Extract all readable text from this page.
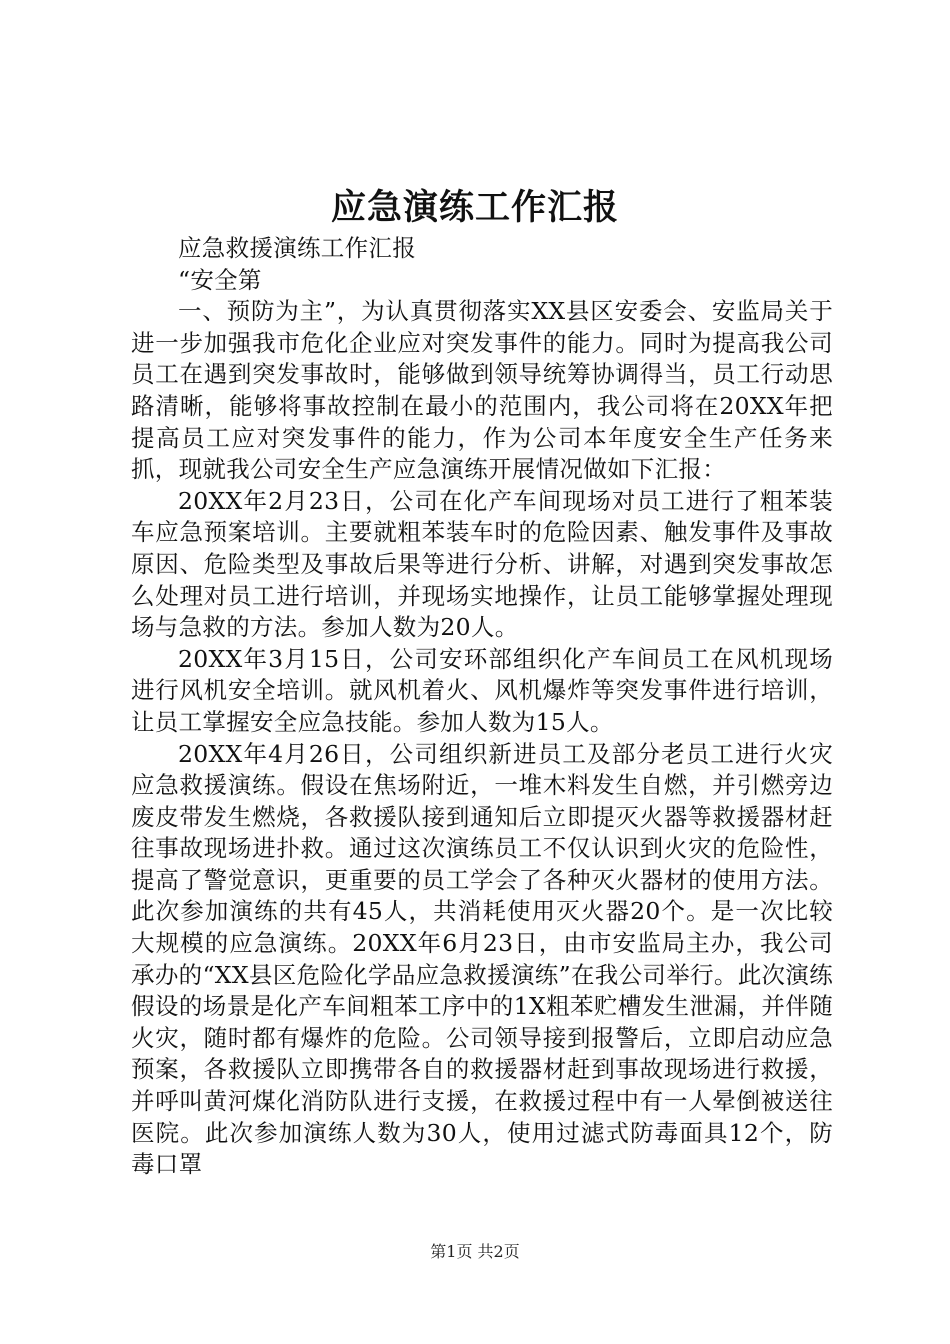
应急演练工作汇报

应急救援演练工作汇报

“安全第

一、预防为主”，为认真贯彻落实XX县区安委会、安监局关于进一步加强我市危化企业应对突发事件的能力。同时为提高我公司员工在遇到突发事故时，能够做到领导统筹协调得当，员工行动思路清晰，能够将事故控制在最小的范围内，我公司将在20XX年把提高员工应对突发事件的能力，作为公司本年度安全生产任务来抓，现就我公司安全生产应急演练开展情况做如下汇报：

20XX年2月23日，公司在化产车间现场对员工进行了粗苯装车应急预案培训。主要就粗苯装车时的危险因素、触发事件及事故原因、危险类型及事故后果等进行分析、讲解，对遇到突发事故怎么处理对员工进行培训，并现场实地操作，让员工能够掌握处理现场与急救的方法。参加人数为20人。

20XX年3月15日，公司安环部组织化产车间员工在风机现场进行风机安全培训。就风机着火、风机爆炸等突发事件进行培训，让员工掌握安全应急技能。参加人数为15人。

20XX年4月26日，公司组织新进员工及部分老员工进行火灾应急救援演练。假设在焦场附近，一堆木料发生自燃，并引燃旁边废皮带发生燃烧，各救援队接到通知后立即提灭火器等救援器材赶往事故现场进扑救。通过这次演练员工不仅认识到火灾的危险性，提高了警觉意识，更重要的员工学会了各种灭火器材的使用方法。此次参加演练的共有45人，共消耗使用灭火器20个。是一次比较大规模的应急演练。20XX年6月23日，由市安监局主办，我公司承办的“XX县区危险化学品应急救援演练”在我公司举行。此次演练假设的场景是化产车间粗苯工序中的1X粗苯贮槽发生泄漏，并伴随火灾，随时都有爆炸的危险。公司领导接到报警后，立即启动应急预案，各救援队立即携带各自的救援器材赶到事故现场进行救援，并呼叫黄河煤化消防队进行支援，在救援过程中有一人晕倒被送往医院。此次参加演练人数为30人，使用过滤式防毒面具12个，防毒口罩

第1页 共2页
